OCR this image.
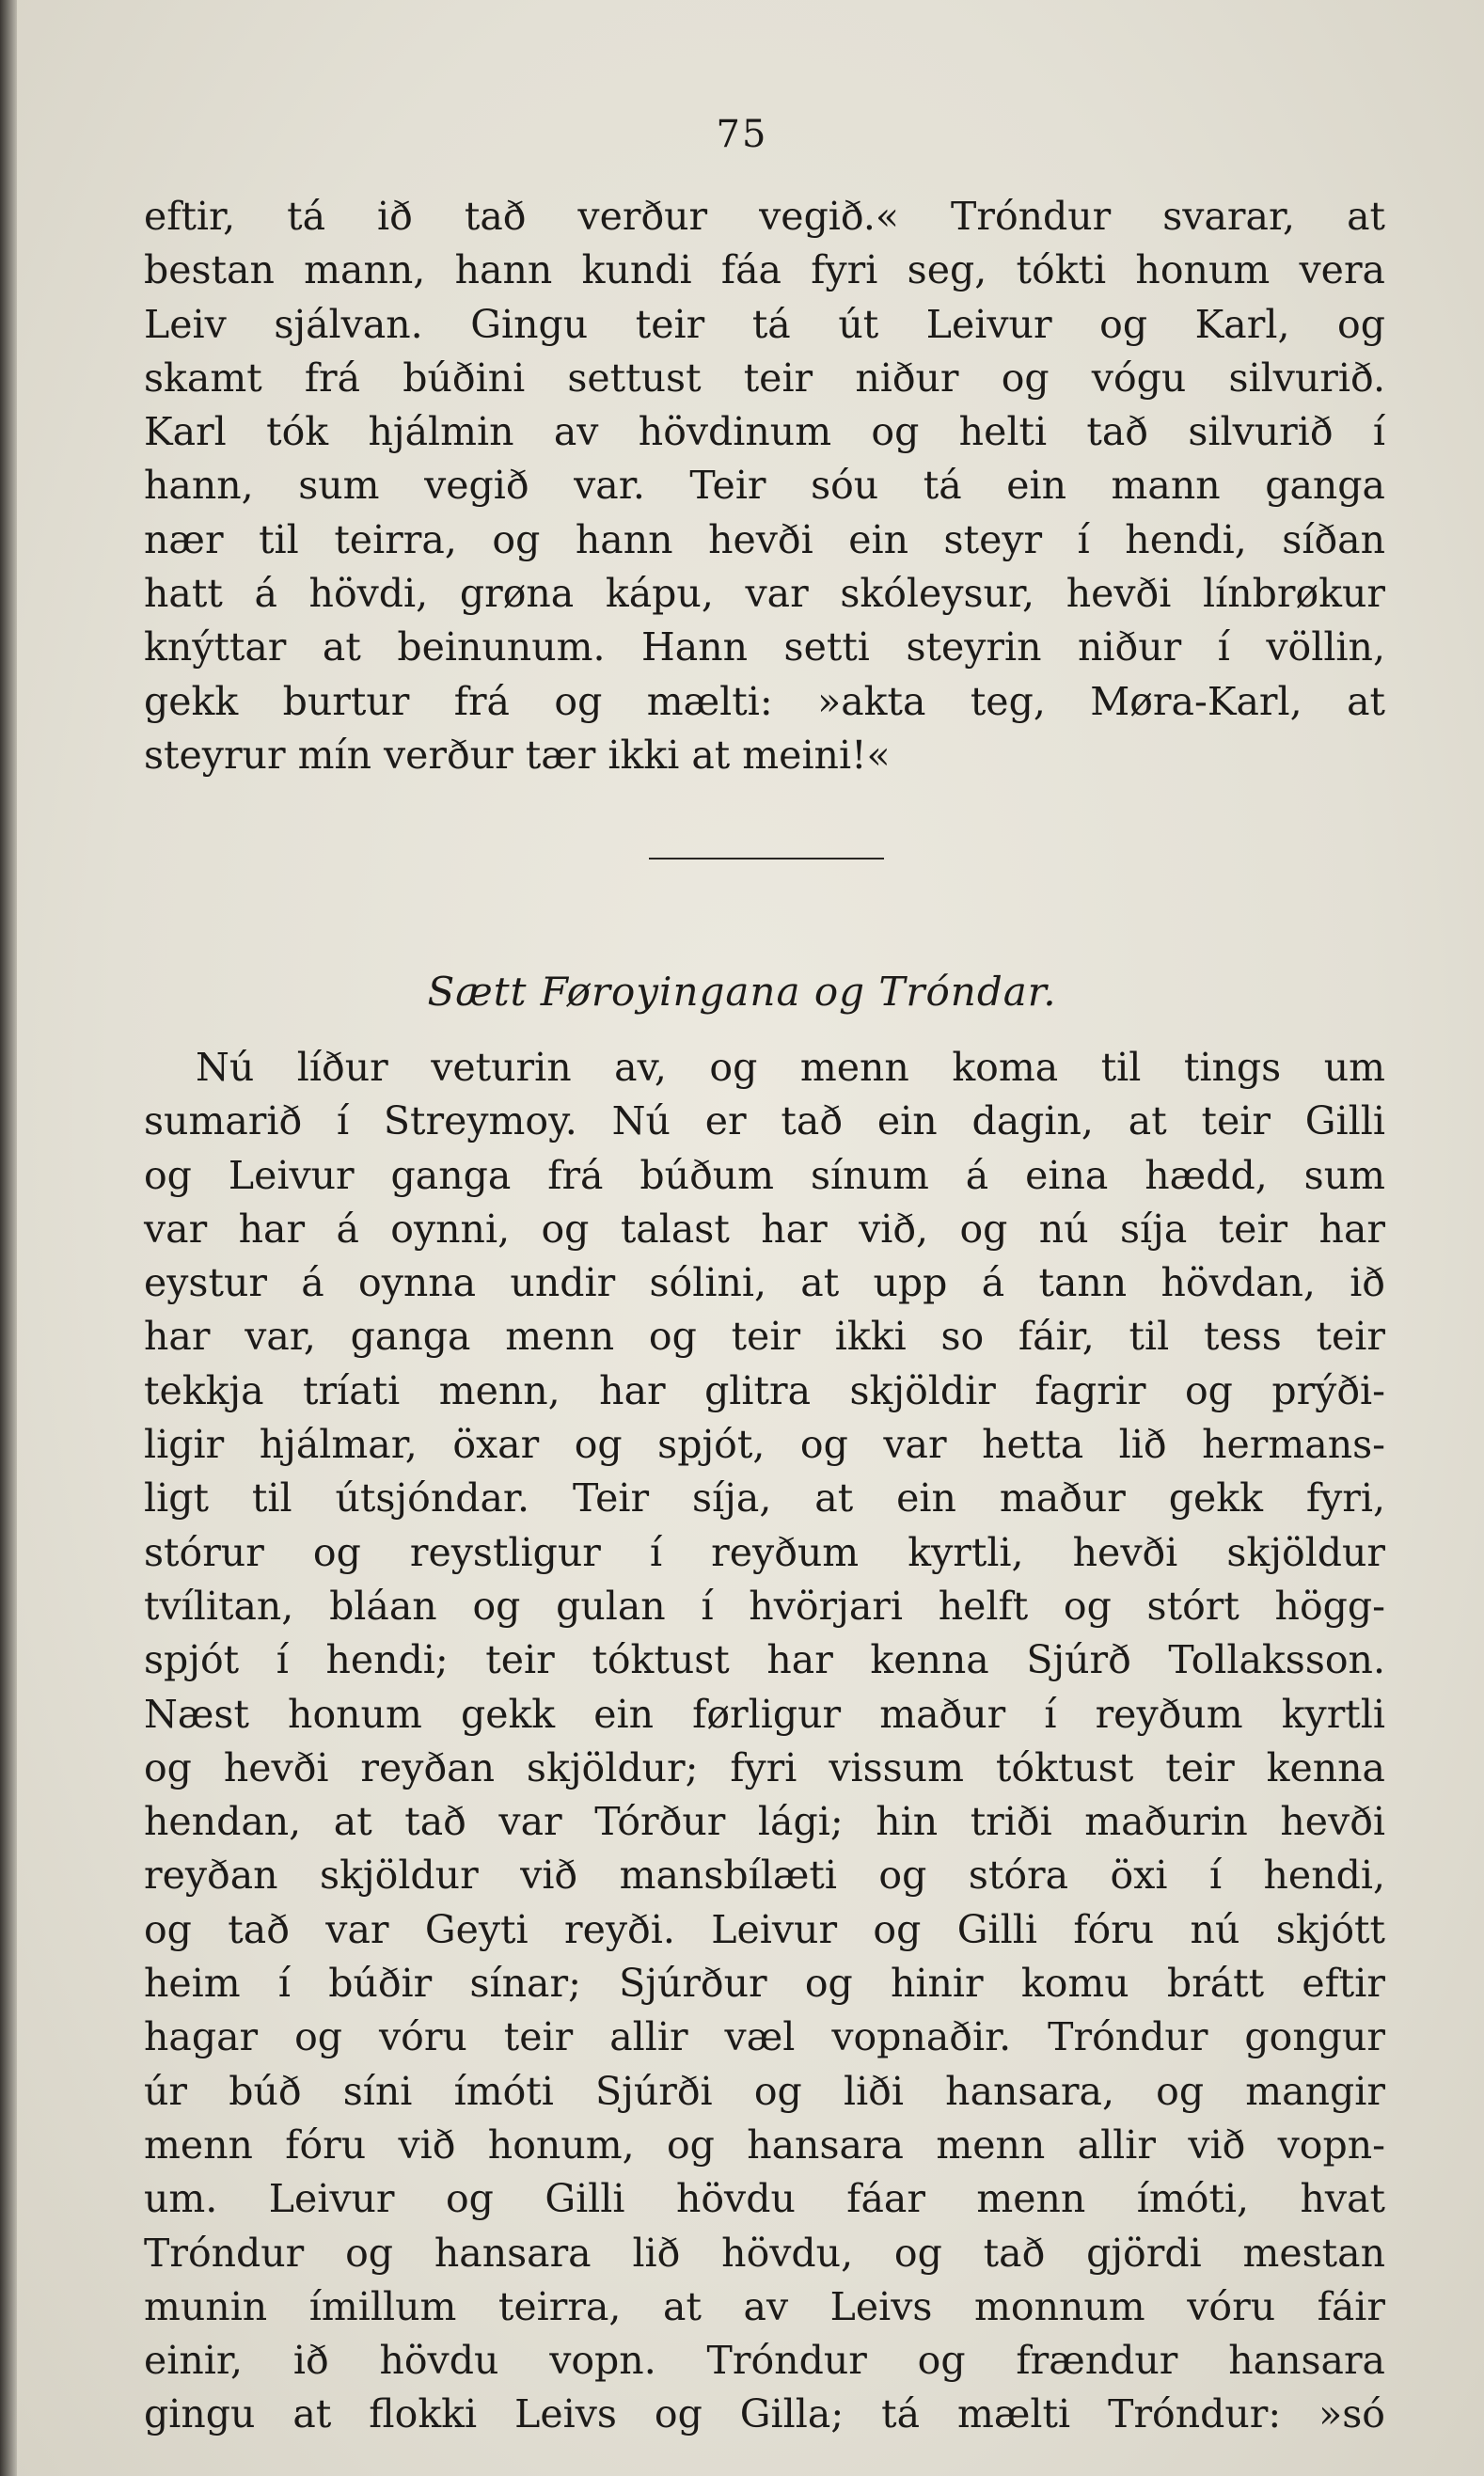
75
eftir, tá ið tað verður vegið.« Tróndur svarar, at
bestan mann, hann kundi fáa fyri seg, tókti honum vera
Leiv sjálvan. Gingu teir tá út Leivur og Karl, og
skamt frá búðini settust teir niður og vógu silvurið.
Karl tók hjálmin av hövdinum og helti tað silvurið í
hann, sum vegið var. Teir sóu tá ein mann ganga
nær til teirra, og hann hevði ein steyr í hendi, síðan
hatt á hövdi, grøna kápu, var skóleysur, hevði línbrøkur
knýttar at beinunum. Hann setti steyrin niður í völlin,
gekk burtur frá og mælti: »akta teg, Møra-Karl, at
steyrur mín verður tær ikki at meini!«
Sætt Føroyingana og Tróndar.
Nú líður veturin av, og menn koma til tings um
sumarið í Streymoy. Nú er tað ein dagin, at teir Gilli
og Leivur ganga frá búðum sínum á eina hædd, sum
var har á oynni, og talast har við, og nú síja teir har
eystur á oynna undir sólini, at upp á tann hövdan, ið
har var, ganga menn og teir ikki so fáir, til tess teir
tekkja tríati menn, har glitra skjöldir fagrir og prýði-
ligir hjálmar, öxar og spjót, og var hetta lið hermans-
ligt til útsjóndar. Teir síja, at ein maður gekk fyri,
stórur og reystligur í reyðum kyrtli, hevði skjöldur
tvílitan, bláan og gulan í hvörjari helft og stórt högg-
spjót í hendi; teir tóktust har kenna Sjúrð Tollaksson.
Næst honum gekk ein førligur maður í reyðum kyrtli
og hevði reyðan skjöldur; fyri vissum tóktust teir kenna
hendan, at tað var Tórður lági; hin triði maðurin hevði
reyðan skjöldur við mansbílæti og stóra öxi í hendi,
og tað var Geyti reyði. Leivur og Gilli fóru nú skjótt
heim í búðir sínar; Sjúrður og hinir komu brátt eftir
hagar og vóru teir allir væl vopnaðir. Tróndur gongur
úr búð síni ímóti Sjúrði og liði hansara, og mangir
menn fóru við honum, og hansara menn allir við vopn-
um. Leivur og Gilli hövdu fáar menn ímóti, hvat
Tróndur og hansara lið hövdu, og tað gjördi mestan
munin ímillum teirra, at av Leivs monnum vóru fáir
einir, ið hövdu vopn. Tróndur og frændur hansara
gingu at flokki Leivs og Gilla; tá mælti Tróndur: »só
